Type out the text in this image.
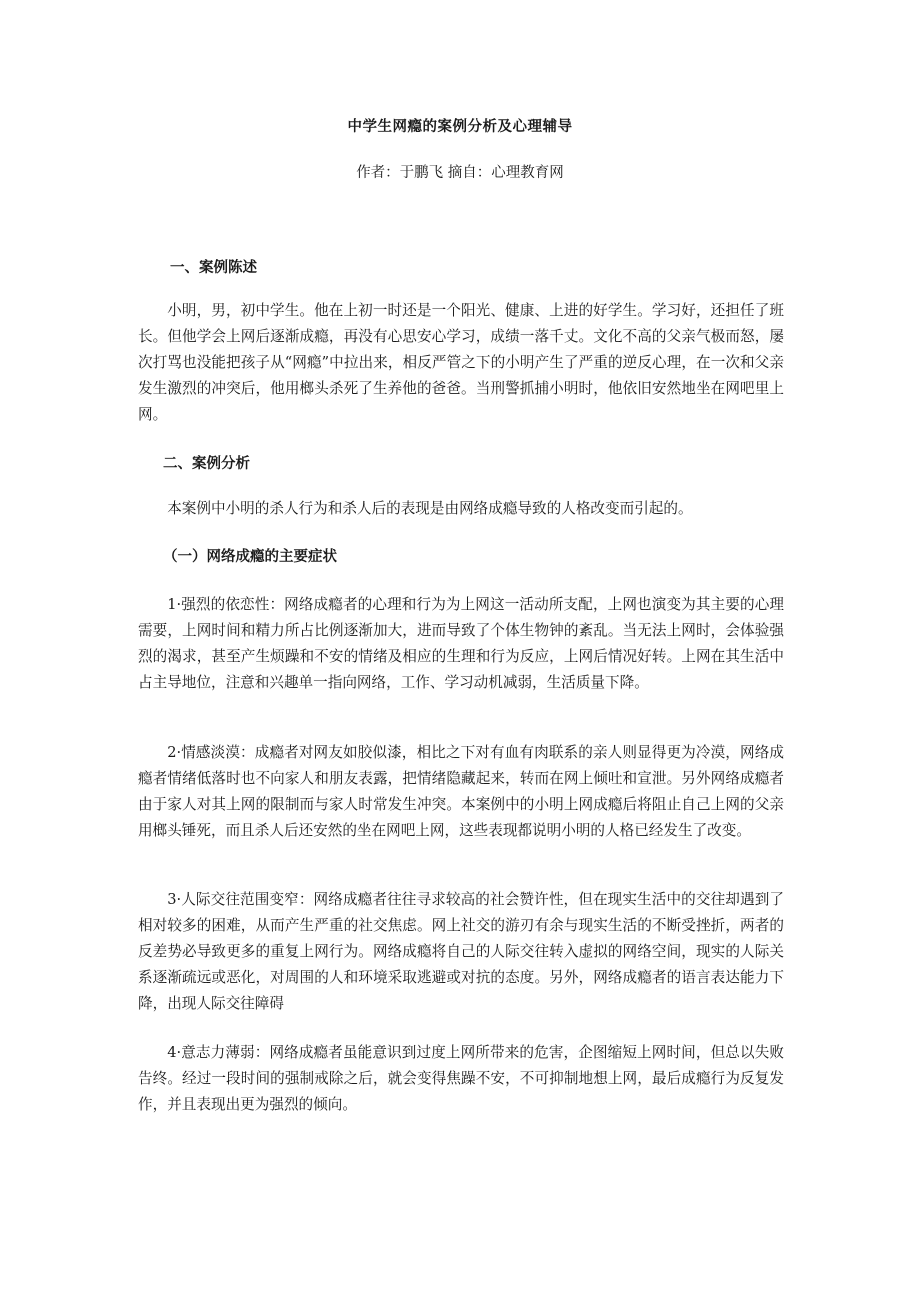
中学生网瘾的案例分析及心理辅导
作者：于鹏飞 摘自：心理教育网
一、案例陈述
小明，男，初中学生。他在上初一时还是一个阳光、健康、上进的好学生。学习好，还担任了班长。但他学会上网后逐渐成瘾，再没有心思安心学习，成绩一落千丈。文化不高的父亲气极而怒，屡次打骂也没能把孩子从“网瘾”中拉出来，相反严管之下的小明产生了严重的逆反心理，在一次和父亲发生激烈的冲突后，他用榔头杀死了生养他的爸爸。当刑警抓捕小明时，他依旧安然地坐在网吧里上网。
二、案例分析
本案例中小明的杀人行为和杀人后的表现是由网络成瘾导致的人格改变而引起的。
（一）网络成瘾的主要症状
1·强烈的依恋性：网络成瘾者的心理和行为为上网这一活动所支配，上网也演变为其主要的心理需要，上网时间和精力所占比例逐渐加大，进而导致了个体生物钟的紊乱。当无法上网时，会体验强烈的渴求，甚至产生烦躁和不安的情绪及相应的生理和行为反应，上网后情况好转。上网在其生活中占主导地位，注意和兴趣单一指向网络，工作、学习动机减弱，生活质量下降。
2·情感淡漠：成瘾者对网友如胶似漆，相比之下对有血有肉联系的亲人则显得更为冷漠，网络成瘾者情绪低落时也不向家人和朋友表露，把情绪隐藏起来，转而在网上倾吐和宣泄。另外网络成瘾者由于家人对其上网的限制而与家人时常发生冲突。本案例中的小明上网成瘾后将阻止自己上网的父亲用榔头锤死，而且杀人后还安然的坐在网吧上网，这些表现都说明小明的人格已经发生了改变。
3·人际交往范围变窄：网络成瘾者往往寻求较高的社会赞许性，但在现实生活中的交往却遇到了相对较多的困难，从而产生严重的社交焦虑。网上社交的游刃有余与现实生活的不断受挫折，两者的反差势必导致更多的重复上网行为。网络成瘾将自己的人际交往转入虚拟的网络空间，现实的人际关系逐渐疏远或恶化，对周围的人和环境采取逃避或对抗的态度。另外，网络成瘾者的语言表达能力下降，出现人际交往障碍
4·意志力薄弱：网络成瘾者虽能意识到过度上网所带来的危害，企图缩短上网时间，但总以失败告终。经过一段时间的强制戒除之后，就会变得焦躁不安，不可抑制地想上网，最后成瘾行为反复发作，并且表现出更为强烈的倾向。
